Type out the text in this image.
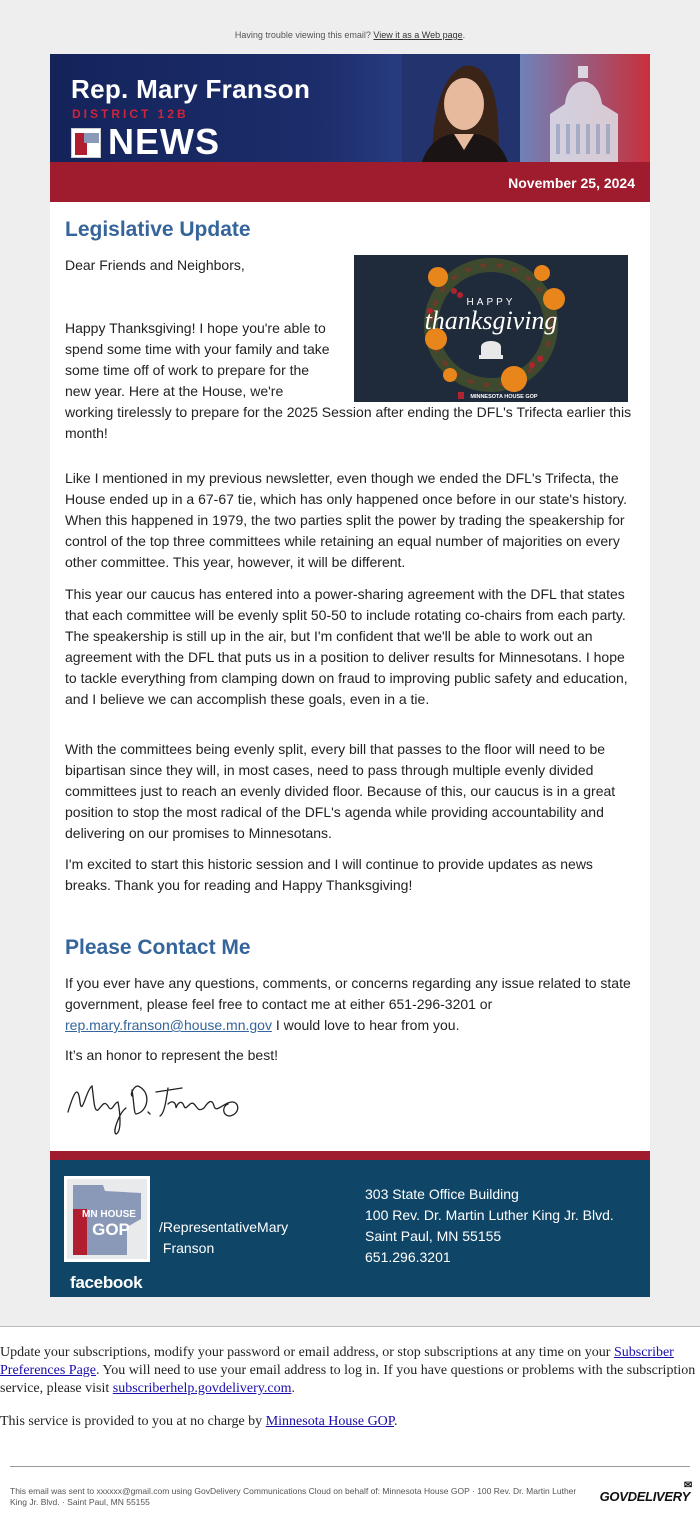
Having trouble viewing this email? View it as a Web page.
Rep. Mary Franson
DISTRICT 12B
NEWS
November 25, 2024
Legislative Update

Dear Friends and Neighbors,

HAPPY
thanksgiving
MINNESOTA HOUSE GOP

Happy Thanksgiving! I hope you're able to spend some time with your family and take some time off of work to prepare for the new year. Here at the House, we're working tirelessly to prepare for the 2025 Session after ending the DFL's Trifecta earlier this month!

Like I mentioned in my previous newsletter, even though we ended the DFL's Trifecta, the House ended up in a 67-67 tie, which has only happened once before in our state's history. When this happened in 1979, the two parties split the power by trading the speakership for control of the top three committees while retaining an equal number of majorities on every other committee. This year, however, it will be different.

This year our caucus has entered into a power-sharing agreement with the DFL that states that each committee will be evenly split 50-50 to include rotating co-chairs from each party. The speakership is still up in the air, but I'm confident that we'll be able to work out an agreement with the DFL that puts us in a position to deliver results for Minnesotans. I hope to tackle everything from clamping down on fraud to improving public safety and education, and I believe we can accomplish these goals, even in a tie.

With the committees being evenly split, every bill that passes to the floor will need to be bipartisan since they will, in most cases, need to pass through multiple evenly divided committees just to reach an evenly divided floor. Because of this, our caucus is in a great position to stop the most radical of the DFL's agenda while providing accountability and delivering on our promises to Minnesotans.

I'm excited to start this historic session and I will continue to provide updates as news breaks. Thank you for reading and Happy Thanksgiving!

Please Contact Me

If you ever have any questions, comments, or concerns regarding any issue related to state government, please feel free to contact me at either 651-296-3201 or rep.mary.franson@house.mn.gov I would love to hear from you.

It’s an honor to represent the best!

MN HOUSE
GOP
facebook
/RepresentativeMary
Franson
303 State Office Building
100 Rev. Dr. Martin Luther King Jr. Blvd.
Saint Paul, MN 55155
651.296.3201

Update your subscriptions, modify your password or email address, or stop subscriptions at any time on your Subscriber Preferences Page. You will need to use your email address to log in. If you have questions or problems with the subscription service, please visit subscriberhelp.govdelivery.com.

This service is provided to you at no charge by Minnesota House GOP.

This email was sent to xxxxxx@gmail.com using GovDelivery Communications Cloud on behalf of: Minnesota House GOP · 100 Rev. Dr. Martin Luther King Jr. Blvd. · Saint Paul, MN 55155	GOVDELIVERY
✉
